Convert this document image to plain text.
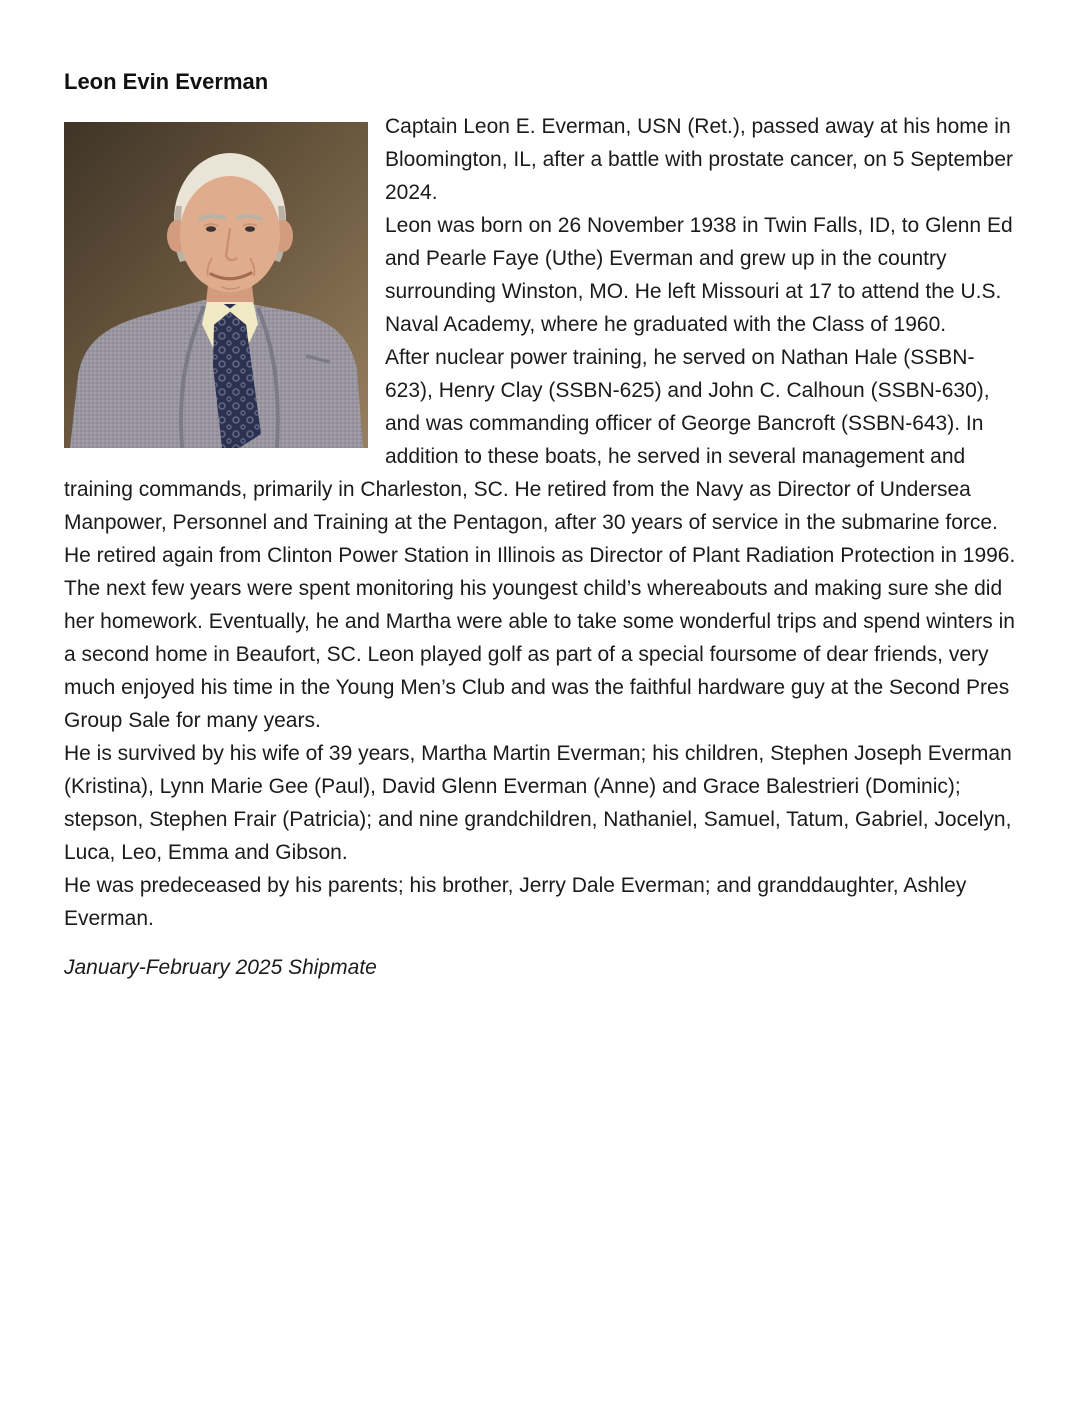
Leon Evin Everman

Captain Leon E. Everman, USN (Ret.), passed away at his home in Bloomington, IL, after a battle with prostate cancer, on 5 September 2024.

Leon was born on 26 November 1938 in Twin Falls, ID, to Glenn Ed and Pearle Faye (Uthe) Everman and grew up in the country surrounding Winston, MO. He left Missouri at 17 to attend the U.S. Naval Academy, where he graduated with the Class of 1960.

After nuclear power training, he served on Nathan Hale (SSBN-623), Henry Clay (SSBN-625) and John C. Calhoun (SSBN-630), and was commanding officer of George Bancroft (SSBN-643). In addition to these boats, he served in several management and training commands, primarily in Charleston, SC. He retired from the Navy as Director of Undersea Manpower, Personnel and Training at the Pentagon, after 30 years of service in the submarine force.

He retired again from Clinton Power Station in Illinois as Director of Plant Radiation Protection in 1996. The next few years were spent monitoring his youngest child’s whereabouts and making sure she did her homework. Eventually, he and Martha were able to take some wonderful trips and spend winters in a second home in Beaufort, SC. Leon played golf as part of a special foursome of dear friends, very much enjoyed his time in the Young Men’s Club and was the faithful hardware guy at the Second Pres Group Sale for many years.

He is survived by his wife of 39 years, Martha Martin Everman; his children, Stephen Joseph Everman (Kristina), Lynn Marie Gee (Paul), David Glenn Everman (Anne) and Grace Balestrieri (Dominic); stepson, Stephen Frair (Patricia); and nine grandchildren, Nathaniel, Samuel, Tatum, Gabriel, Jocelyn, Luca, Leo, Emma and Gibson.

He was predeceased by his parents; his brother, Jerry Dale Everman; and granddaughter, Ashley Everman.

January-February 2025 Shipmate
